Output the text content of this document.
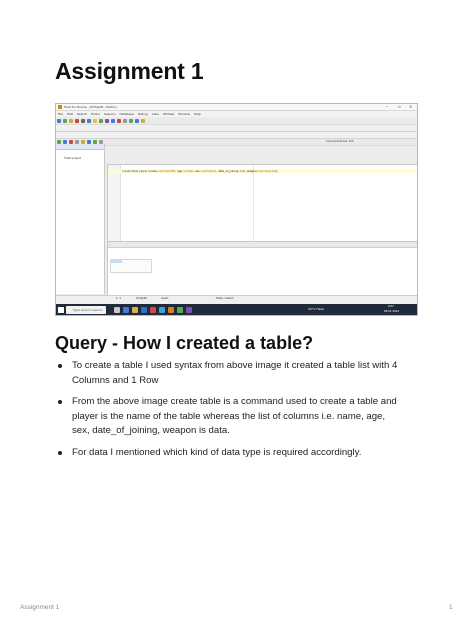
Assignment 1
Toad for Oracle - [SYS@XE - Editor]	–	▫ ×
File Edit Search Editor Session Database Debug View Utilities Window Help
Current Schema: SYS
TOAD project
create table player (name varchar2(30), age number, sex varchar2(1), date_of_joining date, weapon varchar2(14));
1: 1	SYS@XE	Insert	Table created
Type here to search	25°C Haze
9:02
08-01-2024
Query - How I created a table?
To create a table I used syntax from above image it created a table list with 4 Columns and 1 Row
From the above image create table is a command used to create a table and player is the name of the table whereas the list of columns i.e. name, age, sex, date_of_joining, weapon is data.
For data I mentioned which kind of data type is required accordingly.
Assignment 1	1
